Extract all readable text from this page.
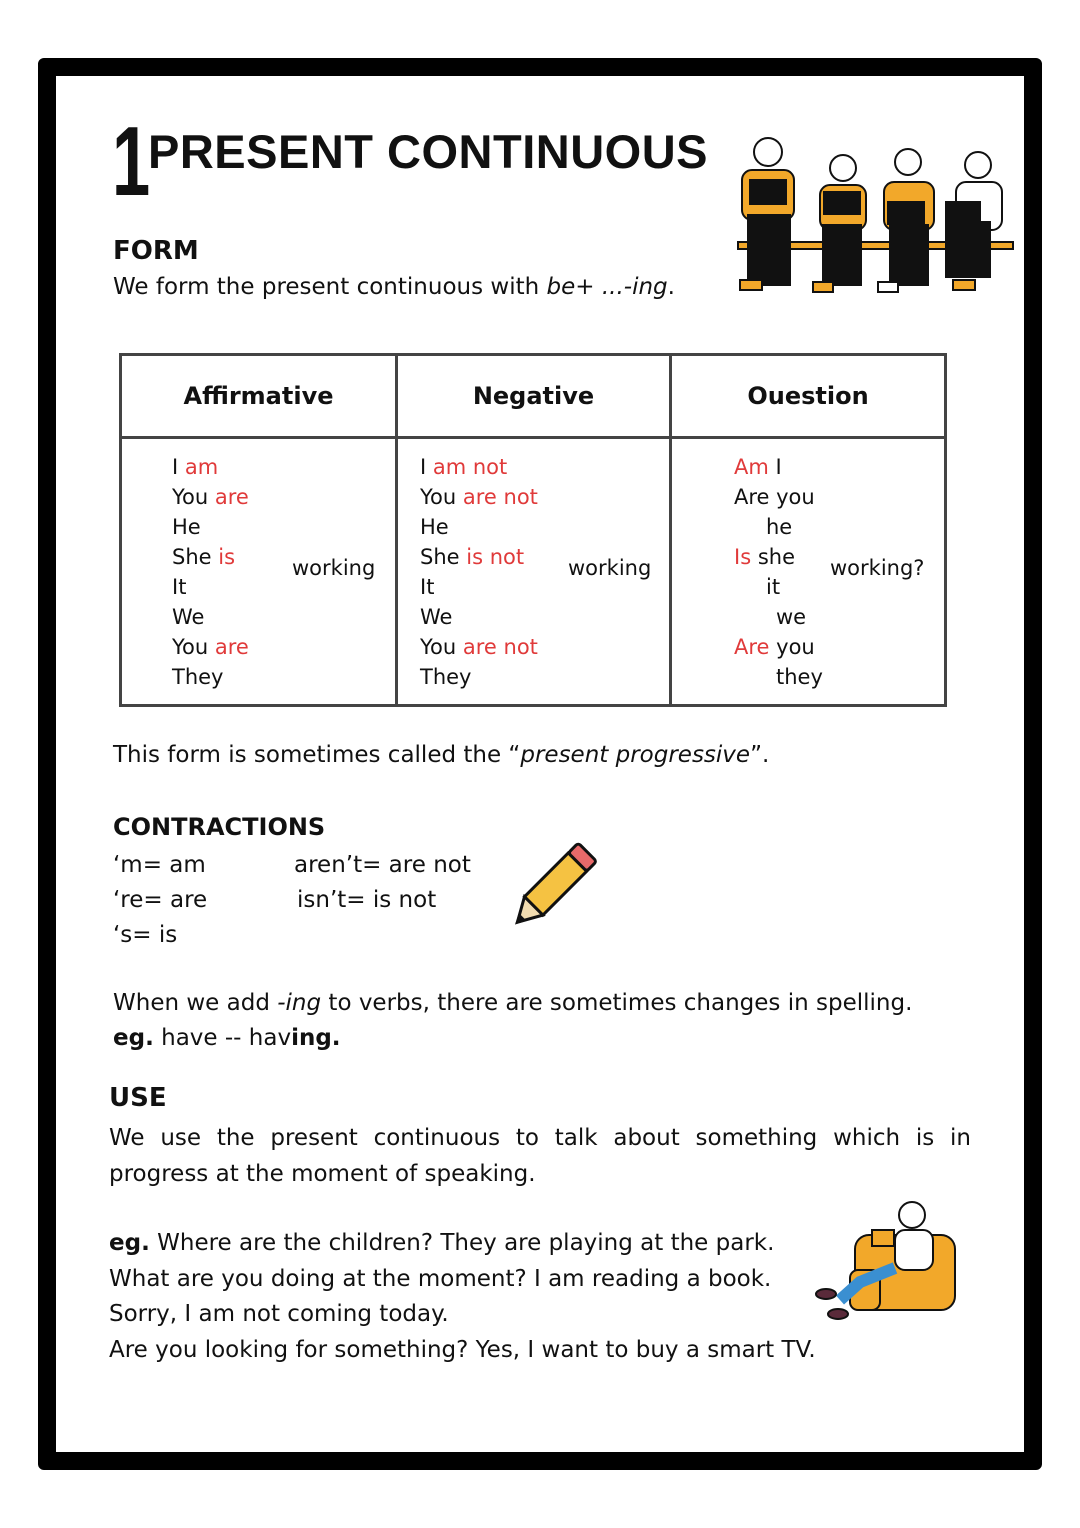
1
PRESENT CONTINUOUS
FORM
We form the present continuous with be+ ...-ing.
Affirmative	Negative	Ouestion
I am
You are
He
She is
It
We
You are
They
working
I am not
You are not
He
She is not
It
We
You are not
They
working
Am I
Are you
he
Is she
it
we
Are you
they
working?
This form is sometimes called the “present progressive”.
CONTRACTIONS
‘m= am
‘re= are
‘s= is
aren’t= are not
isn’t= is not
When we add -ing to verbs, there are sometimes changes in spelling.
eg. have -- having.
USE
We use the present continuous to talk about something which is in progress at the moment of speaking.
eg. Where are the children? They are playing at the park.
What are you doing at the moment? I am reading a book.
Sorry, I am not coming today.
Are you looking for something? Yes, I want to buy a smart TV.
